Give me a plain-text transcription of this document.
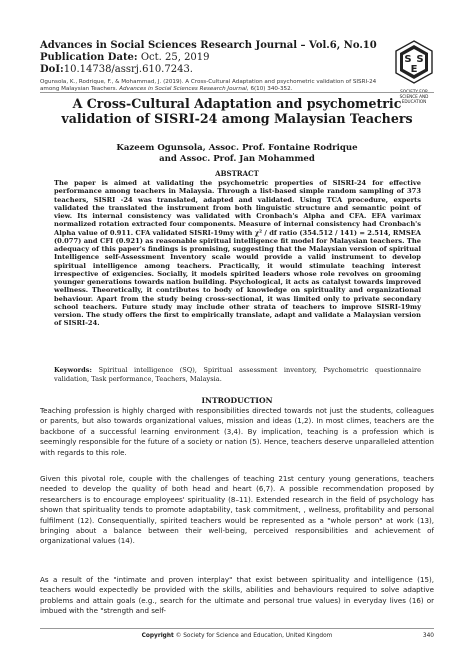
Advances in Social Sciences Research Journal – Vol.6, No.10
Publication Date: Oct. 25, 2019
DoI:10.14738/assrj.610.7243.
Ogunsola, K., Rodrique, F., & Mohammad, J. (2019). A Cross-Cultural Adaptation and psychometric validation of SISRI-24 among Malaysian Teachers. Advances in Social Sciences Research Journal, 6(10) 340-352.
S S
E
SOCIETY FOR SCIENCE AND EDUCATION
A Cross-Cultural Adaptation and psychometric validation of SISRI-24 among Malaysian Teachers
Kazeem Ogunsola, Assoc. Prof. Fontaine Rodrique
and Assoc. Prof. Jan Mohammed
ABSTRACT
The paper is aimed at validating the psychometric properties of SISRI-24 for effective performance among teachers in Malaysia. Through a list-based simple random sampling of 373 teachers, SISRI -24 was translated, adapted and validated. Using TCA procedure, experts validated the translated the instrument from both linguistic structure and semantic point of view. Its internal consistency was validated with Cronbach's Alpha and CFA. EFA varimax normalized rotation extracted four components. Measure of internal consistency had Cronbach's Alpha value of 0.911. CFA validated SISRI-19my with χ² / df ratio (354.512 / 141) = 2.514, RMSEA (0.077) and CFI (0.921) as reasonable spiritual intelligence fit model for Malaysian teachers. The adequacy of this paper's findings is promising, suggesting that the Malaysian version of spiritual Intelligence self-Assessment Inventory scale would provide a valid instrument to develop spiritual intelligence among teachers. Practically, it would stimulate teaching interest irrespective of exigencies. Socially, it models spirited leaders whose role revolves on grooming younger generations towards nation building. Psychological, it acts as catalyst towards improved wellness. Theoretically, it contributes to body of knowledge on spirituality and organizational behaviour. Apart from the study being cross-sectional, it was limited only to private secondary school teachers. Future study may include other strata of teachers to improve SISRI-19my version. The study offers the first to empirically translate, adapt and validate a Malaysian version of SISRI-24.
Keywords: Spiritual intelligence (SQ), Spiritual assessment inventory, Psychometric questionnaire validation, Task performance, Teachers, Malaysia.
INTRODUCTION
Teaching profession is highly charged with responsibilities directed towards not just the students, colleagues or parents, but also towards organizational values, mission and ideas (1,2). In most climes, teachers are the backbone of a successful learning environment (3,4). By implication, teaching is a profession which is seemingly responsible for the future of a society or nation (5). Hence, teachers deserve unparalleled attention with regards to this role.
Given this pivotal role, couple with the challenges of teaching 21st century young generations, teachers needed to develop the quality of both head and heart (6,7). A possible recommendation proposed by researchers is to encourage employees' spirituality (8–11). Extended research in the field of psychology has shown that spirituality tends to promote adaptability, task commitment, , wellness, profitability and personal fulfilment (12). Consequentially, spirited teachers would be represented as a "whole person" at work (13), bringing about a balance between their well-being, perceived responsibilities and achievement of organizational values (14).
As a result of the "intimate and proven interplay" that exist between spirituality and intelligence (15), teachers would expectedly be provided with the skills, abilities and behaviours required to solve adaptive problems and attain goals (e.g., search for the ultimate and personal true values) in everyday lives (16) or imbued with the "strength and self-
Copyright © Society for Science and Education, United Kingdom	340
